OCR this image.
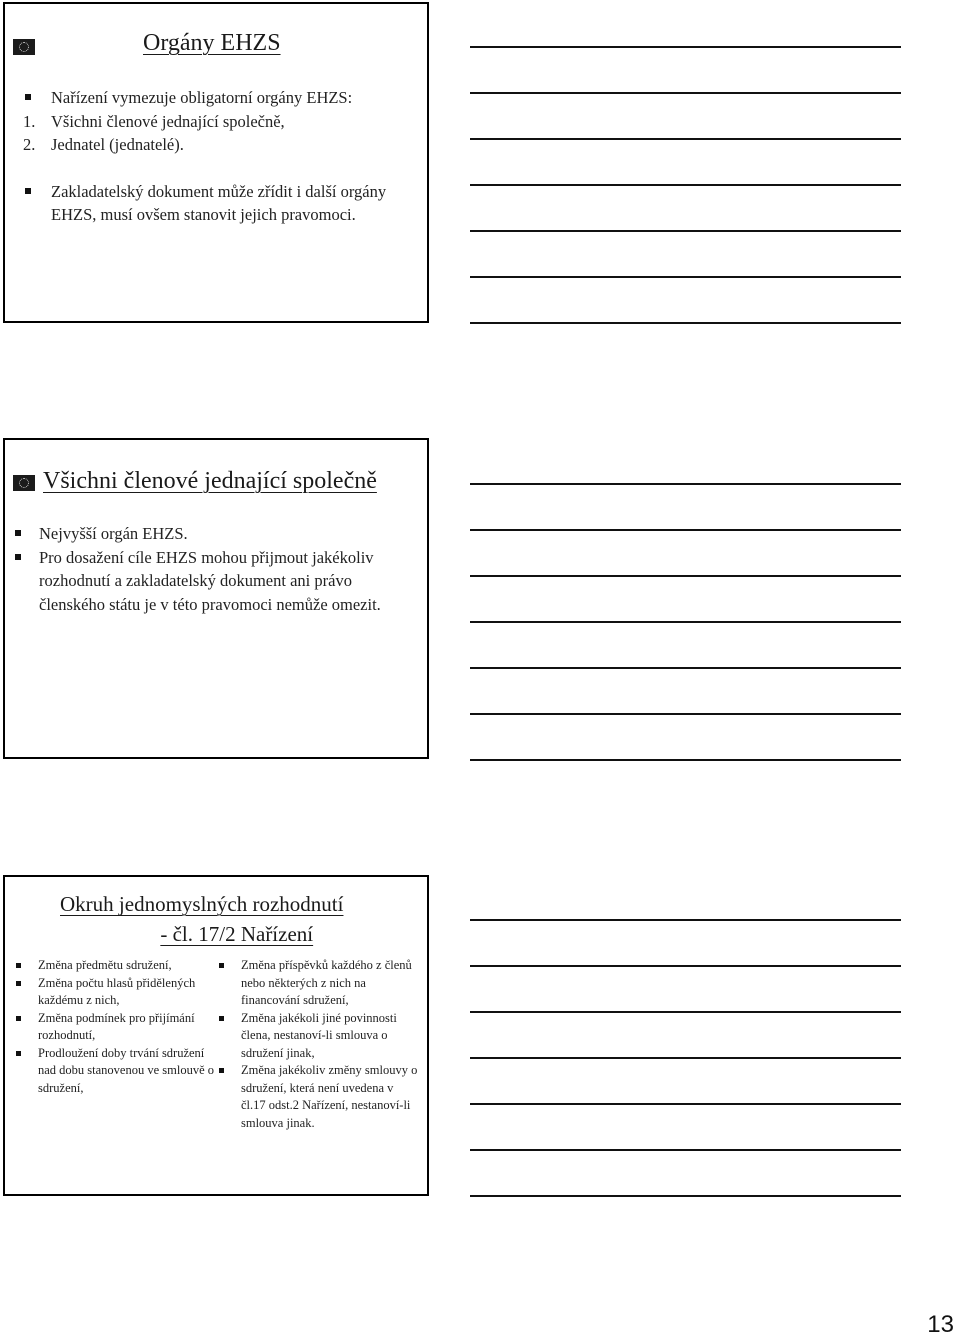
Orgány EHZS
Nařízení vymezuje obligatorní orgány EHZS:
1. Všichni členové jednající společně,
2. Jednatel (jednatelé).
Zakladatelský dokument může zřídit i další orgány EHZS, musí ovšem stanovit jejich pravomoci.
Všichni členové jednající společně
Nejvyšší orgán EHZS.
Pro dosažení cíle EHZS mohou přijmout jakékoliv rozhodnutí a zakladatelský dokument ani právo členského státu je v této pravomoci nemůže omezit.
Okruh jednomyslných rozhodnutí
- čl. 17/2 Nařízení
Změna předmětu sdružení,
Změna počtu hlasů přidělených každému z nich,
Změna podmínek pro přijímání rozhodnutí,
Prodloužení doby trvání sdružení nad dobu stanovenou ve smlouvě o sdružení,
Změna příspěvků každého z členů nebo některých z nich na financování sdružení,
Změna jakékoli jiné povinnosti člena, nestanoví-li smlouva o sdružení jinak,
Změna jakékoliv změny smlouvy o sdružení, která není uvedena v čl.17 odst.2 Nařízení, nestanoví-li smlouva jinak.
13
